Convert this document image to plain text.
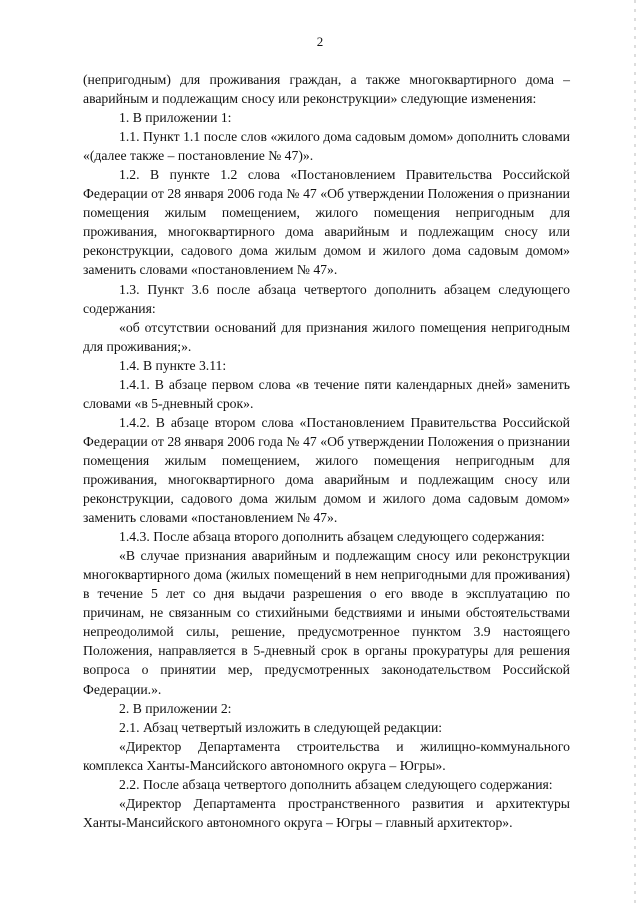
2

(непригодным) для проживания граждан, а также многоквартирного дома – аварийным и подлежащим сносу или реконструкции» следующие изменения:

1. В приложении 1:

1.1. Пункт 1.1 после слов «жилого дома садовым домом» дополнить словами «(далее также – постановление № 47)».

1.2. В пункте 1.2 слова «Постановлением Правительства Российской Федерации от 28 января 2006 года № 47 «Об утверждении Положения о признании помещения жилым помещением, жилого помещения непригодным для проживания, многоквартирного дома аварийным и подлежащим сносу или реконструкции, садового дома жилым домом и жилого дома садовым домом» заменить словами «постановлением № 47».

1.3. Пункт 3.6 после абзаца четвертого дополнить абзацем следующего содержания:

«об отсутствии оснований для признания жилого помещения непригодным для проживания;».

1.4. В пункте 3.11:

1.4.1. В абзаце первом слова «в течение пяти календарных дней» заменить словами «в 5-дневный срок».

1.4.2. В абзаце втором слова «Постановлением Правительства Российской Федерации от 28 января 2006 года № 47 «Об утверждении Положения о признании помещения жилым помещением, жилого помещения непригодным для проживания, многоквартирного дома аварийным и подлежащим сносу или реконструкции, садового дома жилым домом и жилого дома садовым домом» заменить словами «постановлением № 47».

1.4.3. После абзаца второго дополнить абзацем следующего содержания:

«В случае признания аварийным и подлежащим сносу или реконструкции многоквартирного дома (жилых помещений в нем непригодными для проживания) в течение 5 лет со дня выдачи разрешения о его вводе в эксплуатацию по причинам, не связанным со стихийными бедствиями и иными обстоятельствами непреодолимой силы, решение, предусмотренное пунктом 3.9 настоящего Положения, направляется в 5-дневный срок в органы прокуратуры для решения вопроса о принятии мер, предусмотренных законодательством Российской Федерации.».

2. В приложении 2:

2.1. Абзац четвертый изложить в следующей редакции:

«Директор Департамента строительства и жилищно-коммунального комплекса Ханты-Мансийского автономного округа – Югры».

2.2. После абзаца четвертого дополнить абзацем следующего содержания:

«Директор Департамента пространственного развития и архитектуры Ханты-Мансийского автономного округа – Югры – главный архитектор».
